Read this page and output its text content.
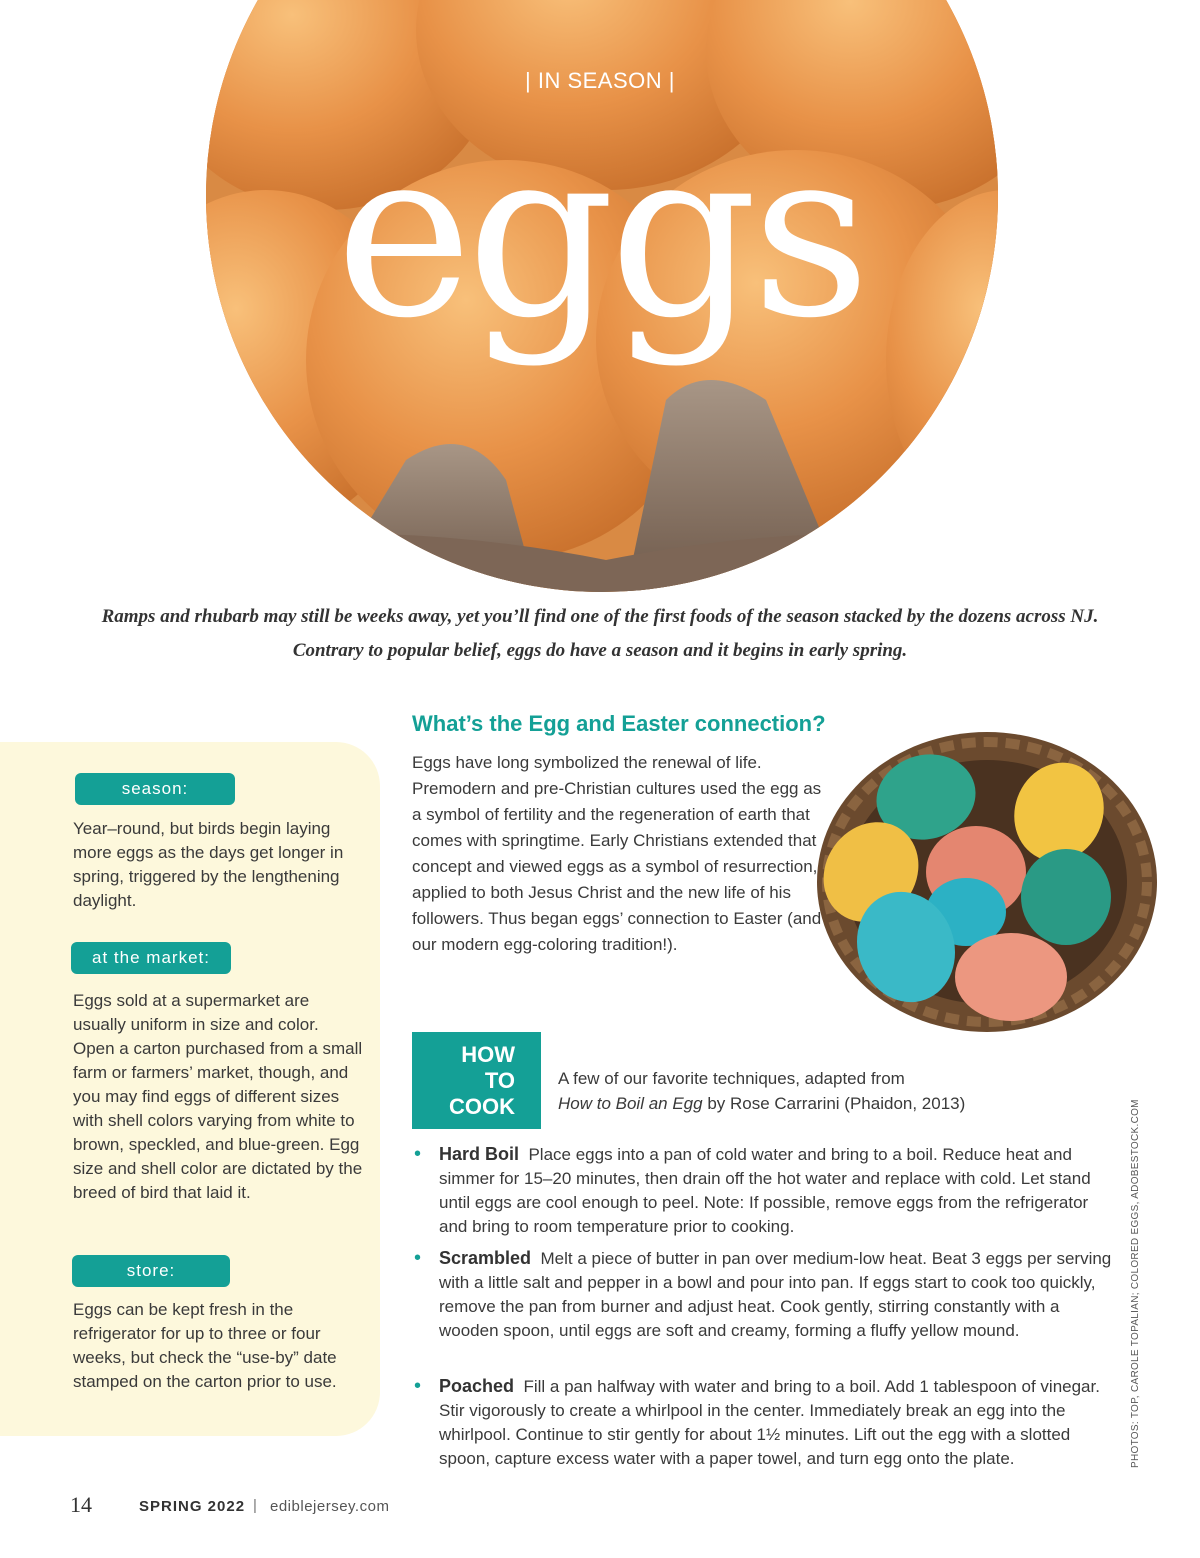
| IN SEASON |
eggs
Ramps and rhubarb may still be weeks away, yet you’ll find one of the first foods of the season stacked by the dozens across NJ.
Contrary to popular belief, eggs do have a season and it begins in early spring.
season:
Year–round, but birds begin laying more eggs as the days get longer in spring, triggered by the lengthening daylight.
at the market:
Eggs sold at a supermarket are usually uniform in size and color. Open a carton purchased from a small farm or farmers’ market, though, and you may find eggs of different sizes with shell colors varying from white to brown, speckled, and blue-green. Egg size and shell color are dictated by the breed of bird that laid it.
store:
Eggs can be kept fresh in the refrigerator for up to three or four weeks, but check the “use-by” date stamped on the carton prior to use.
What’s the Egg and Easter connection?
Eggs have long symbolized the renewal of life. Premodern and pre-Christian cultures used the egg as a symbol of fertility and the regeneration of earth that comes with springtime. Early Christians extended that concept and viewed eggs as a symbol of resurrection, applied to both Jesus Christ and the new life of his followers. Thus began eggs’ connection to Easter (and our modern egg-coloring tradition!).
HOW
TO
COOK
A few of our favorite techniques, adapted from
How to Boil an Egg by Rose Carrarini (Phaidon, 2013)
• Hard Boil Place eggs into a pan of cold water and bring to a boil. Reduce heat and simmer for 15–20 minutes, then drain off the hot water and replace with cold. Let stand until eggs are cool enough to peel. Note: If possible, remove eggs from the refrigerator and bring to room temperature prior to cooking.

• Scrambled Melt a piece of butter in pan over medium-low heat. Beat 3 eggs per serving with a little salt and pepper in a bowl and pour into pan. If eggs start to cook too quickly, remove the pan from burner and adjust heat. Cook gently, stirring constantly with a wooden spoon, until eggs are soft and creamy, forming a fluffy yellow mound.

• Poached Fill a pan halfway with water and bring to a boil. Add 1 tablespoon of vinegar. Stir vigorously to create a whirlpool in the center. Immediately break an egg into the whirlpool. Continue to stir gently for about 1½ minutes. Lift out the egg with a slotted spoon, capture excess water with a paper towel, and turn egg onto the plate.	PHOTOS: TOP, CAROLE TOPALIAN; COLORED EGGS, ADOBESTOCK.COM
14	SPRING 2022 | ediblejersey.com
